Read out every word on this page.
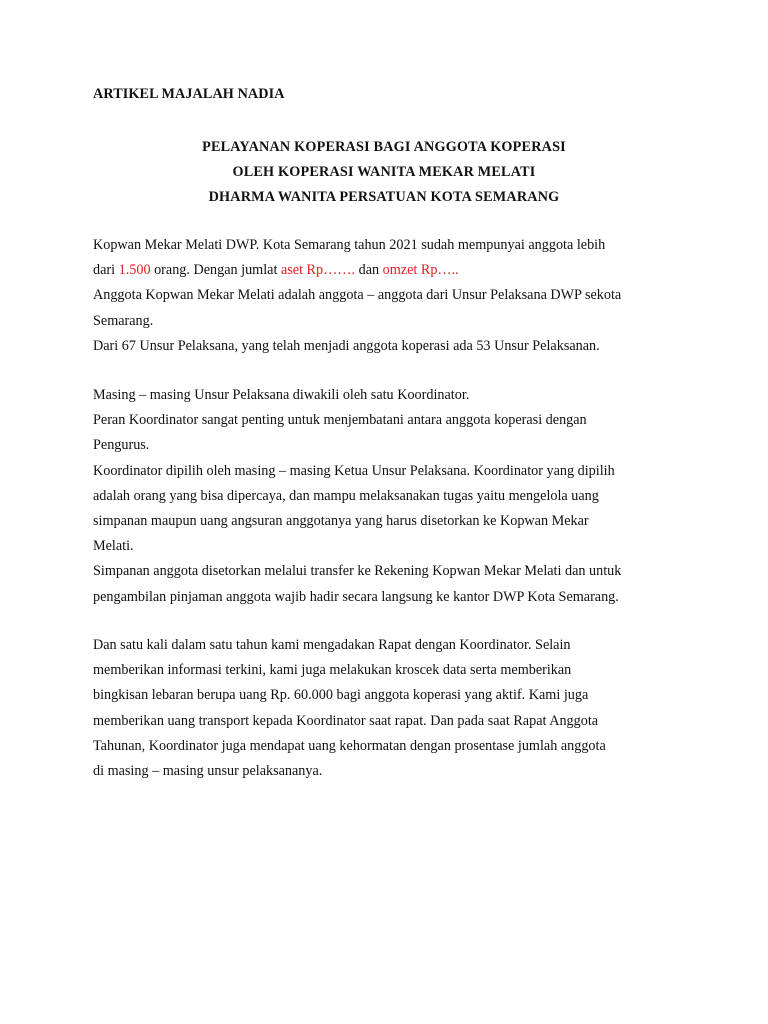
ARTIKEL MAJALAH NADIA
PELAYANAN KOPERASI BAGI ANGGOTA KOPERASI
OLEH KOPERASI WANITA MEKAR MELATI
DHARMA WANITA PERSATUAN KOTA SEMARANG
Kopwan Mekar Melati DWP. Kota Semarang tahun 2021 sudah mempunyai anggota lebih
dari 1.500 orang. Dengan jumlat aset Rp……. dan omzet Rp…..
Anggota Kopwan Mekar Melati adalah anggota – anggota dari Unsur Pelaksana DWP sekota
Semarang.
Dari 67 Unsur Pelaksana, yang telah menjadi anggota koperasi ada 53 Unsur Pelaksanan.
Masing – masing Unsur Pelaksana diwakili oleh satu Koordinator.
Peran Koordinator sangat penting untuk menjembatani antara anggota koperasi dengan
Pengurus.
Koordinator dipilih oleh masing – masing Ketua Unsur Pelaksana. Koordinator yang dipilih
adalah orang yang bisa dipercaya, dan mampu melaksanakan tugas yaitu mengelola uang
simpanan maupun uang angsuran anggotanya yang harus disetorkan ke Kopwan Mekar
Melati.
Simpanan anggota disetorkan melalui transfer ke Rekening Kopwan Mekar Melati dan untuk
pengambilan pinjaman anggota wajib hadir secara langsung ke kantor DWP Kota Semarang.
Dan satu kali dalam satu tahun kami mengadakan Rapat dengan Koordinator. Selain
memberikan informasi terkini, kami juga melakukan kroscek data serta memberikan
bingkisan lebaran berupa uang Rp. 60.000 bagi anggota koperasi yang aktif. Kami juga
memberikan uang transport kepada Koordinator saat rapat. Dan pada saat Rapat Anggota
Tahunan, Koordinator juga mendapat uang kehormatan dengan prosentase jumlah anggota
di masing – masing unsur pelaksananya.
